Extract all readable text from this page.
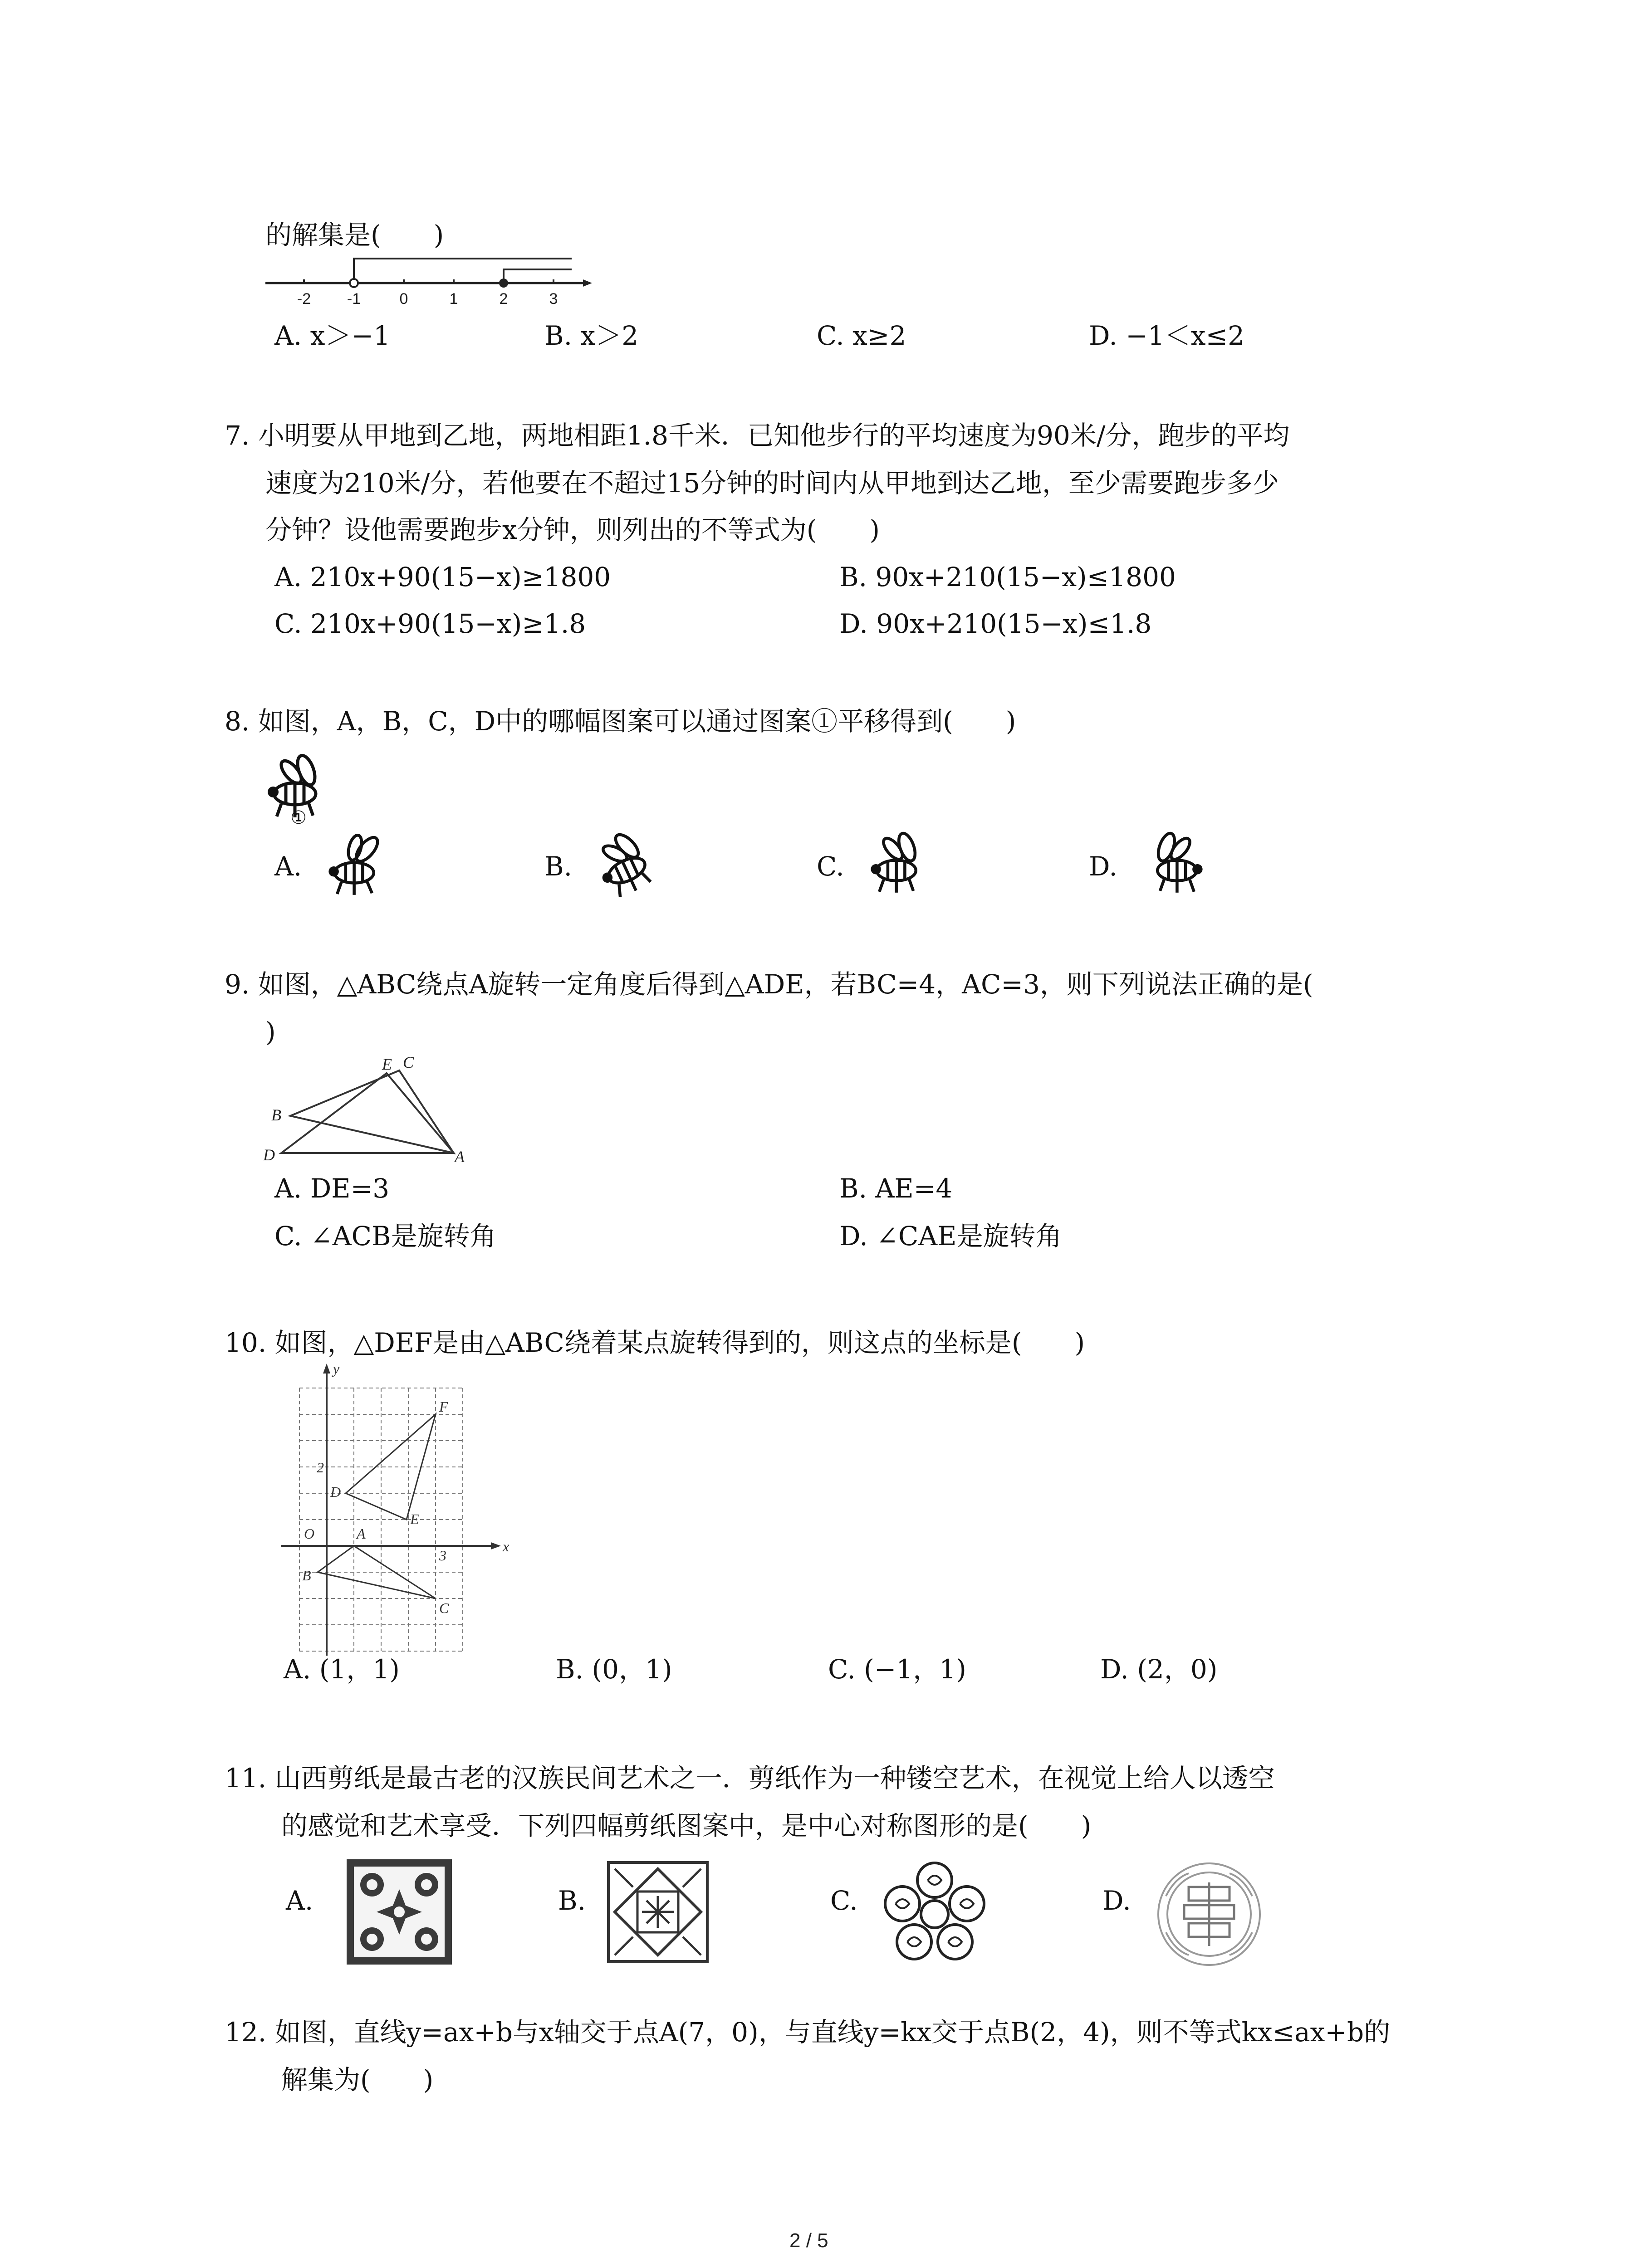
的解集是(　　)
-2 -1	0	1	2	3
A. x＞−1	B. x＞2	C. x≥2	D. −1＜x≤2
7. 小明要从甲地到乙地，两地相距1.8千米．已知他步行的平均速度为90米/分，跑步的平均
速度为210米/分，若他要在不超过15分钟的时间内从甲地到达乙地，至少需要跑步多少
分钟？设他需要跑步x分钟，则列出的不等式为(　　)
A. 210x+90(15−x)≥1800	B. 90x+210(15−x)≤1800
C. 210x+90(15−x)≥1.8	D. 90x+210(15−x)≤1.8
8. 如图，A，B，C，D中的哪幅图案可以通过图案①平移得到(　　)
①
A.	B.	C.	D.
9. 如图，△ABC绕点A旋转一定角度后得到△ADE，若BC=4，AC=3，则下列说法正确的是(
)
E C
B
D	A
A. DE=3	B. AE=4
C. ∠ACB是旋转角	D. ∠CAE是旋转角
10. 如图，△DEF是由△ABC绕着某点旋转得到的，则这点的坐标是(　　)
y
F
2
D
O	A
E
3
x
B
C
A. (1，1)	B. (0，1)	C. (−1，1)	D. (2，0)
11. 山西剪纸是最古老的汉族民间艺术之一．剪纸作为一种镂空艺术，在视觉上给人以透空
的感觉和艺术享受．下列四幅剪纸图案中，是中心对称图形的是(　　)
A.	B.	C.	D.
12. 如图，直线y=ax+b与x轴交于点A(7，0)，与直线y=kx交于点B(2，4)，则不等式kx≤ax+b的
解集为(　　)
2 / 5
